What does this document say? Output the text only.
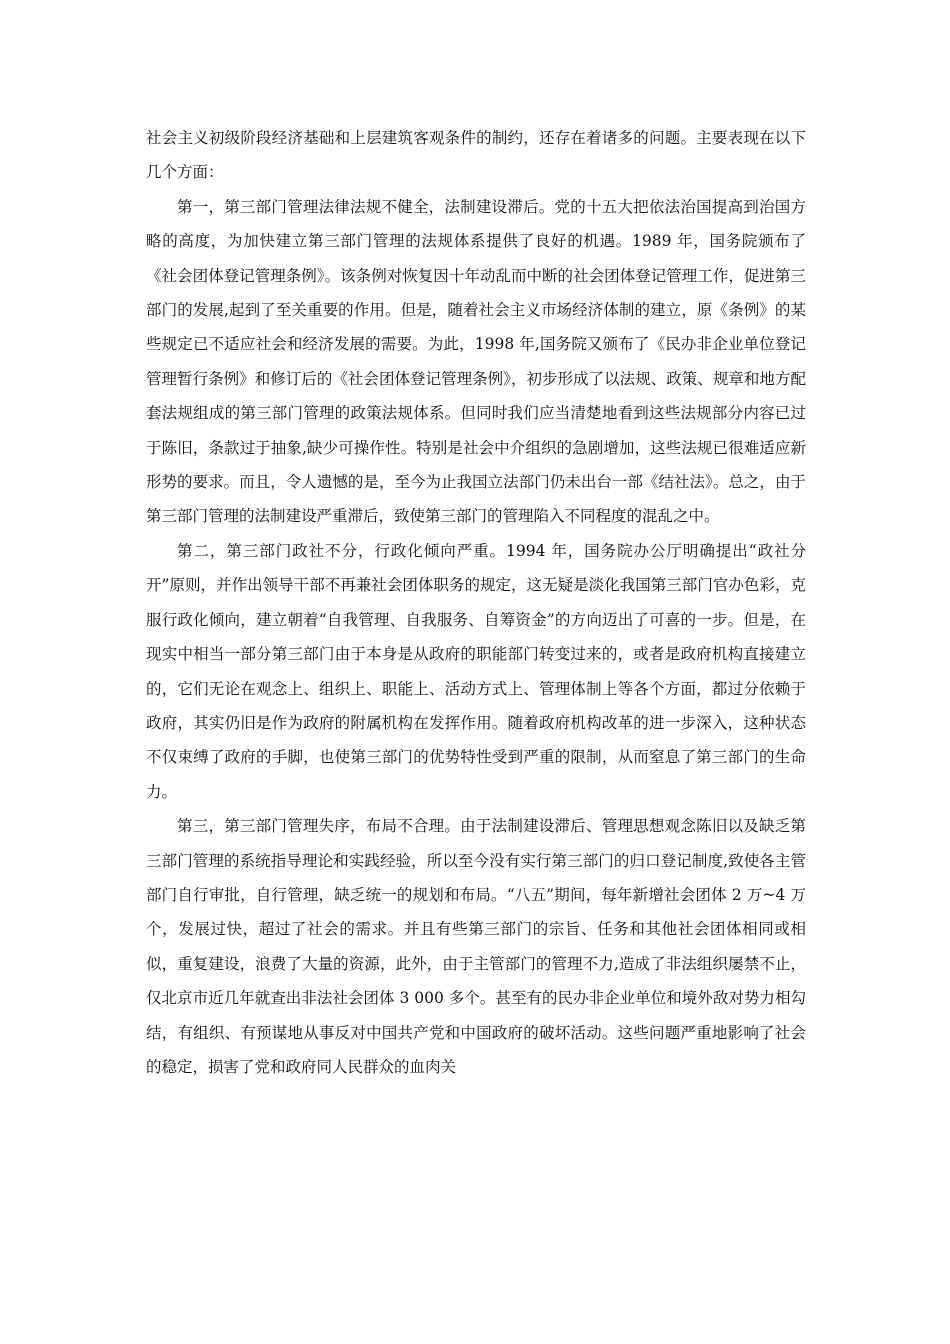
社会主义初级阶段经济基础和上层建筑客观条件的制约，还存在着诸多的问题。主要表现在以下几个方面：

第一，第三部门管理法律法规不健全，法制建设滞后。党的十五大把依法治国提高到治国方略的高度，为加快建立第三部门管理的法规体系提供了良好的机遇。1989 年，国务院颁布了《社会团体登记管理条例》。该条例对恢复因十年动乱而中断的社会团体登记管理工作，促进第三部门的发展,起到了至关重要的作用。但是，随着社会主义市场经济体制的建立，原《条例》的某些规定已不适应社会和经济发展的需要。为此，1998 年,国务院又颁布了《民办非企业单位登记管理暂行条例》和修订后的《社会团体登记管理条例》，初步形成了以法规、政策、规章和地方配套法规组成的第三部门管理的政策法规体系。但同时我们应当清楚地看到这些法规部分内容已过于陈旧，条款过于抽象,缺少可操作性。特别是社会中介组织的急剧增加，这些法规已很难适应新形势的要求。而且，令人遗憾的是，至今为止我国立法部门仍未出台一部《结社法》。总之，由于第三部门管理的法制建设严重滞后，致使第三部门的管理陷入不同程度的混乱之中。

第二，第三部门政社不分，行政化倾向严重。1994 年，国务院办公厅明确提出“政社分开”原则，并作出领导干部不再兼社会团体职务的规定，这无疑是淡化我国第三部门官办色彩，克服行政化倾向，建立朝着“自我管理、自我服务、自筹资金”的方向迈出了可喜的一步。但是，在现实中相当一部分第三部门由于本身是从政府的职能部门转变过来的，或者是政府机构直接建立的，它们无论在观念上、组织上、职能上、活动方式上、管理体制上等各个方面，都过分依赖于政府，其实仍旧是作为政府的附属机构在发挥作用。随着政府机构改革的进一步深入，这种状态不仅束缚了政府的手脚，也使第三部门的优势特性受到严重的限制，从而窒息了第三部门的生命力。

第三，第三部门管理失序，布局不合理。由于法制建设滞后、管理思想观念陈旧以及缺乏第三部门管理的系统指导理论和实践经验，所以至今没有实行第三部门的归口登记制度,致使各主管部门自行审批，自行管理，缺乏统一的规划和布局。“八五”期间，每年新增社会团体 2 万~4 万个，发展过快，超过了社会的需求。并且有些第三部门的宗旨、任务和其他社会团体相同或相似，重复建设，浪费了大量的资源，此外，由于主管部门的管理不力,造成了非法组织屡禁不止，仅北京市近几年就查出非法社会团体 3 000 多个。甚至有的民办非企业单位和境外敌对势力相勾结，有组织、有预谋地从事反对中国共产党和中国政府的破坏活动。这些问题严重地影响了社会的稳定，损害了党和政府同人民群众的血肉关
